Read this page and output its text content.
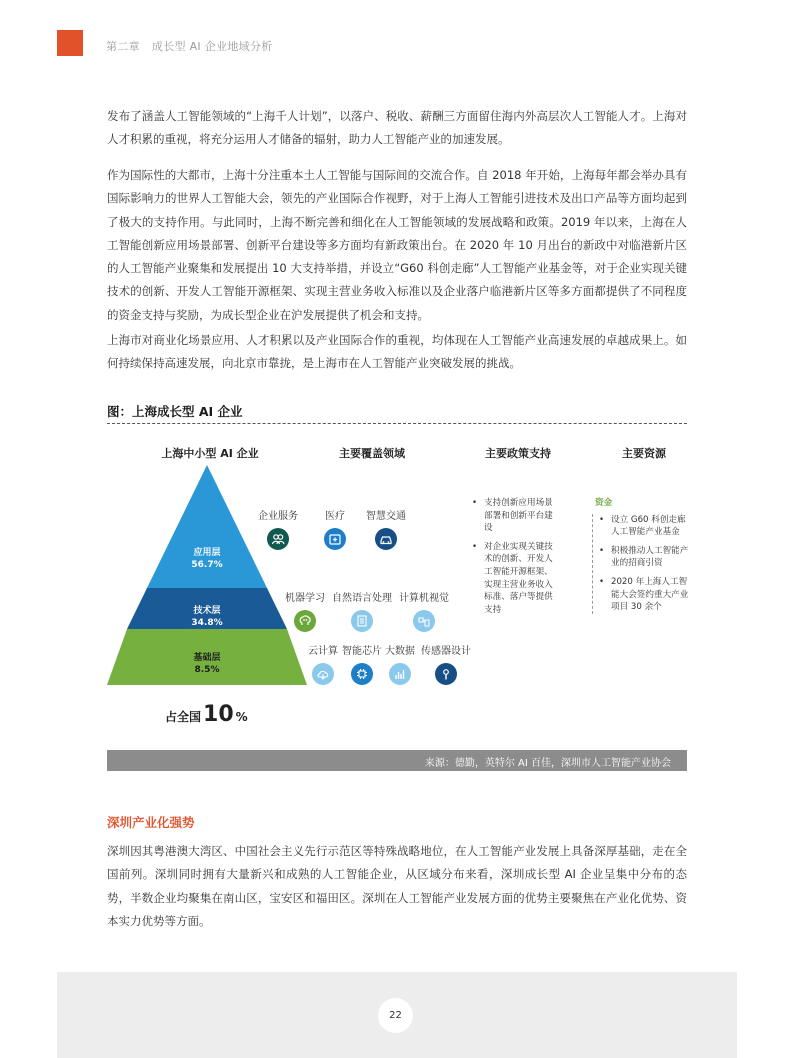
第二章 成长型 AI 企业地域分析

发布了涵盖人工智能领域的“上海千人计划”，以落户、税收、薪酬三方面留住海内外高层次人工智能人才。上海对人才积累的重视，将充分运用人才储备的辐射，助力人工智能产业的加速发展。

作为国际性的大都市，上海十分注重本土人工智能与国际间的交流合作。自 2018 年开始，上海每年都会举办具有国际影响力的世界人工智能大会，领先的产业国际合作视野，对于上海人工智能引进技术及出口产品等方面均起到了极大的支持作用。与此同时，上海不断完善和细化在人工智能领域的发展战略和政策。2019 年以来，上海在人工智能创新应用场景部署、创新平台建设等多方面均有新政策出台。在 2020 年 10 月出台的新政中对临港新片区的人工智能产业聚集和发展提出 10 大支持举措，并设立“G60 科创走廊”人工智能产业基金等，对于企业实现关键技术的创新、开发人工智能开源框架、实现主营业务收入标准以及企业落户临港新片区等多方面都提供了不同程度的资金支持与奖励，为成长型企业在沪发展提供了机会和支持。

上海市对商业化场景应用、人才积累以及产业国际合作的重视，均体现在人工智能产业高速发展的卓越成果上。如何持续保持高速发展，向北京市靠拢，是上海市在人工智能产业突破发展的挑战。

图：上海成长型 AI 企业
上海中小型 AI 企业	主要覆盖领域	主要政策支持	主要资源
应用层
56.7%
技术层
34.8%
基础层
8.5%
企业服务	医疗	智慧交通
机器学习 自然语言处理 计算机视觉
云计算 智能芯片 大数据 传感器设计
• 支持创新应用场景部署和创新平台建设
• 对企业实现关键技术的创新、开发人工智能开源框架、实现主营业务收入标准、落户等提供支持
资金
• 设立 G60 科创走廊人工智能产业基金
• 积极推动人工智能产业的招商引资
• 2020 年上海人工智能大会签约重大产业项目 30 余个
占全国10 %
来源：德勤，英特尔 AI 百佳，深圳市人工智能产业协会
深圳产业化强势

深圳因其粤港澳大湾区、中国社会主义先行示范区等特殊战略地位，在人工智能产业发展上具备深厚基础，走在全国前列。深圳同时拥有大量新兴和成熟的人工智能企业，从区域分布来看，深圳成长型 AI 企业呈集中分布的态势，半数企业均聚集在南山区，宝安区和福田区。深圳在人工智能产业发展方面的优势主要聚焦在产业化优势、资本实力优势等方面。

22
